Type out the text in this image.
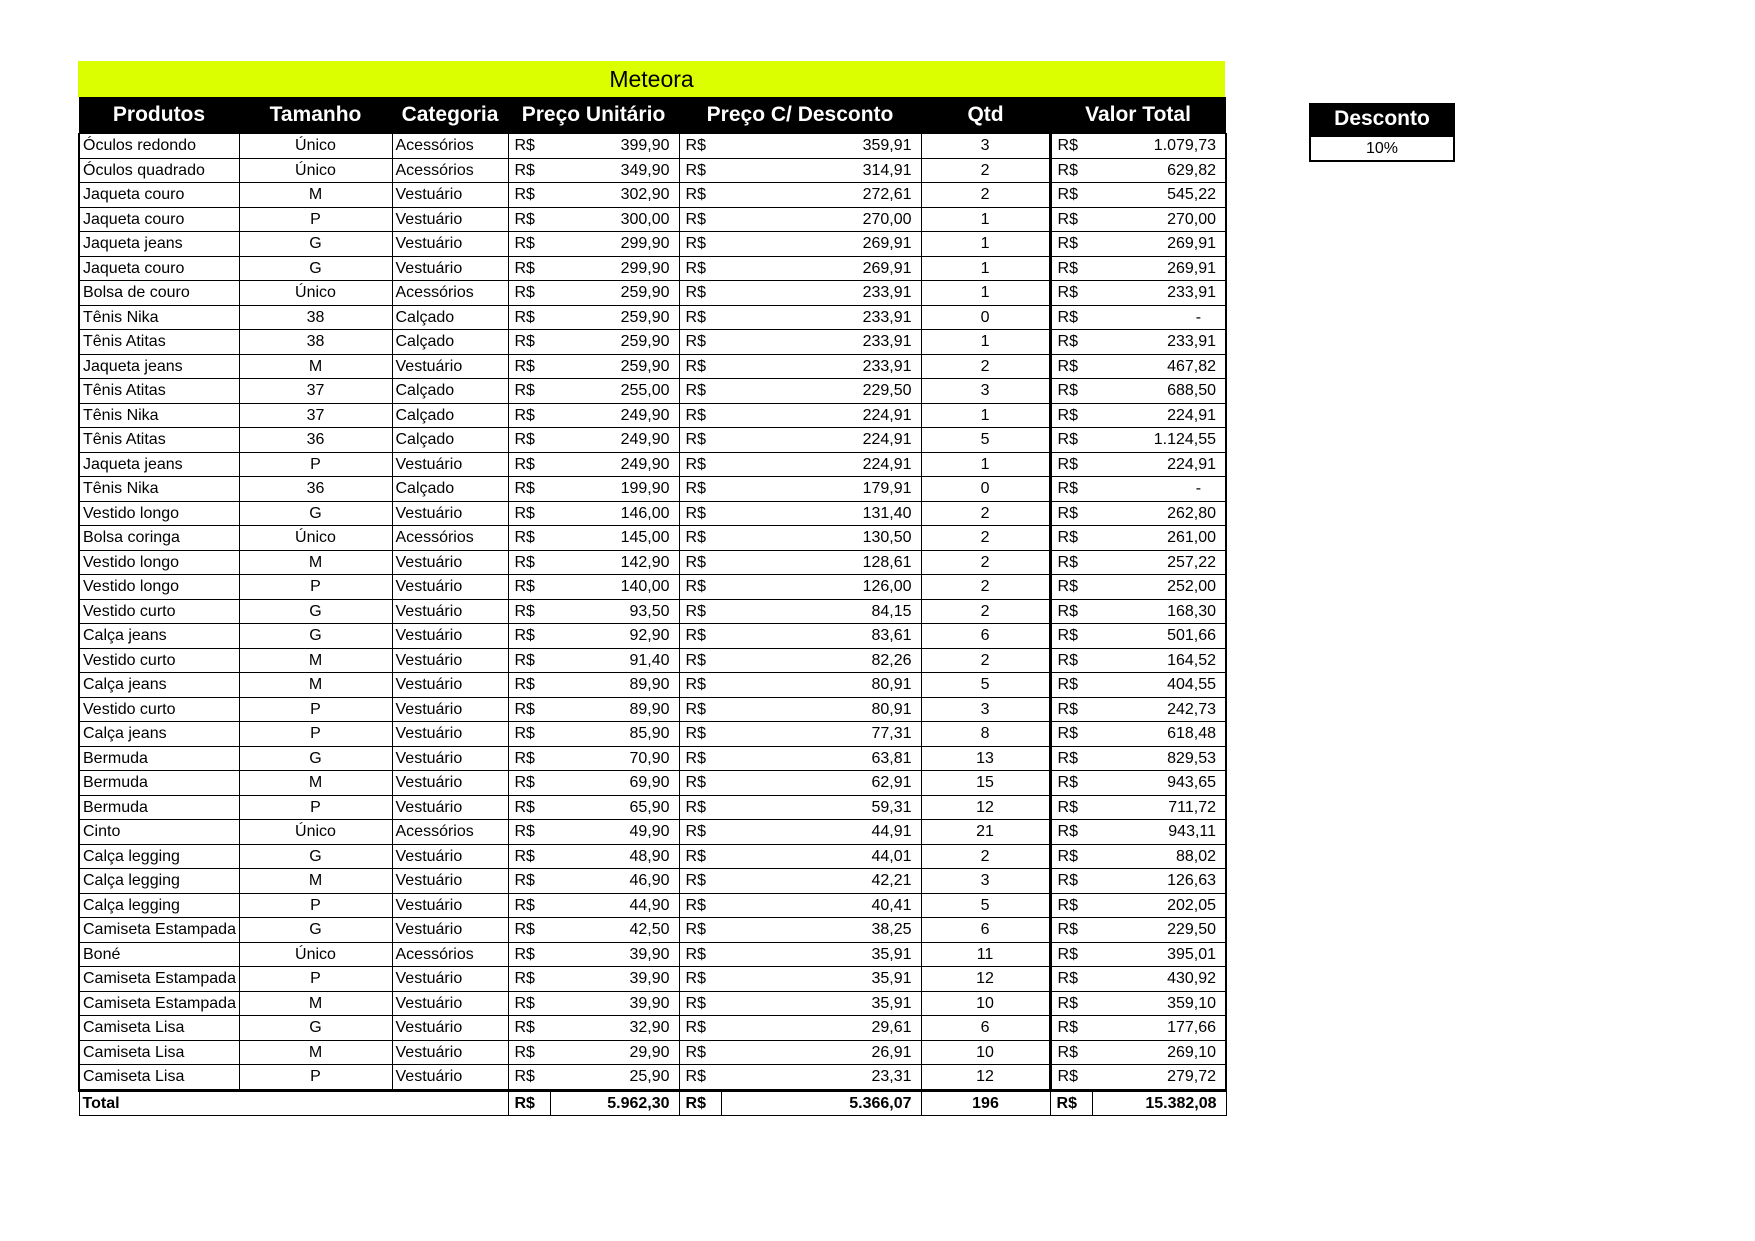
Meteora
Produtos	Tamanho	Categoria	Preço Unitário		Preço C/ Desconto		Qtd	Valor Total	
Óculos redondo	Único	Acessórios	R$	399,90	R$	359,91	3	R$	1.079,73
Óculos quadrado	Único	Acessórios	R$	349,90	R$	314,91	2	R$	629,82
Jaqueta couro	M	Vestuário	R$	302,90	R$	272,61	2	R$	545,22
Jaqueta couro	P	Vestuário	R$	300,00	R$	270,00	1	R$	270,00
Jaqueta jeans	G	Vestuário	R$	299,90	R$	269,91	1	R$	269,91
Jaqueta couro	G	Vestuário	R$	299,90	R$	269,91	1	R$	269,91
Bolsa de couro	Único	Acessórios	R$	259,90	R$	233,91	1	R$	233,91
Tênis Nika	38	Calçado	R$	259,90	R$	233,91	0	R$	-
Tênis Atitas	38	Calçado	R$	259,90	R$	233,91	1	R$	233,91
Jaqueta jeans	M	Vestuário	R$	259,90	R$	233,91	2	R$	467,82
Tênis Atitas	37	Calçado	R$	255,00	R$	229,50	3	R$	688,50
Tênis Nika	37	Calçado	R$	249,90	R$	224,91	1	R$	224,91
Tênis Atitas	36	Calçado	R$	249,90	R$	224,91	5	R$	1.124,55
Jaqueta jeans	P	Vestuário	R$	249,90	R$	224,91	1	R$	224,91
Tênis Nika	36	Calçado	R$	199,90	R$	179,91	0	R$	-
Vestido longo	G	Vestuário	R$	146,00	R$	131,40	2	R$	262,80
Bolsa coringa	Único	Acessórios	R$	145,00	R$	130,50	2	R$	261,00
Vestido longo	M	Vestuário	R$	142,90	R$	128,61	2	R$	257,22
Vestido longo	P	Vestuário	R$	140,00	R$	126,00	2	R$	252,00
Vestido curto	G	Vestuário	R$	93,50	R$	84,15	2	R$	168,30
Calça jeans	G	Vestuário	R$	92,90	R$	83,61	6	R$	501,66
Vestido curto	M	Vestuário	R$	91,40	R$	82,26	2	R$	164,52
Calça jeans	M	Vestuário	R$	89,90	R$	80,91	5	R$	404,55
Vestido curto	P	Vestuário	R$	89,90	R$	80,91	3	R$	242,73
Calça jeans	P	Vestuário	R$	85,90	R$	77,31	8	R$	618,48
Bermuda	G	Vestuário	R$	70,90	R$	63,81	13	R$	829,53
Bermuda	M	Vestuário	R$	69,90	R$	62,91	15	R$	943,65
Bermuda	P	Vestuário	R$	65,90	R$	59,31	12	R$	711,72
Cinto	Único	Acessórios	R$	49,90	R$	44,91	21	R$	943,11
Calça legging	G	Vestuário	R$	48,90	R$	44,01	2	R$	88,02
Calça legging	M	Vestuário	R$	46,90	R$	42,21	3	R$	126,63
Calça legging	P	Vestuário	R$	44,90	R$	40,41	5	R$	202,05
Camiseta Estampada	G	Vestuário	R$	42,50	R$	38,25	6	R$	229,50
Boné	Único	Acessórios	R$	39,90	R$	35,91	11	R$	395,01
Camiseta Estampada	P	Vestuário	R$	39,90	R$	35,91	12	R$	430,92
Camiseta Estampada	M	Vestuário	R$	39,90	R$	35,91	10	R$	359,10
Camiseta Lisa	G	Vestuário	R$	32,90	R$	29,61	6	R$	177,66
Camiseta Lisa	M	Vestuário	R$	29,90	R$	26,91	10	R$	269,10
Camiseta Lisa	P	Vestuário	R$	25,90	R$	23,31	12	R$	279,72
Total			R$	5.962,30	R$	5.366,07	196	R$	15.382,08
Desconto
10%
